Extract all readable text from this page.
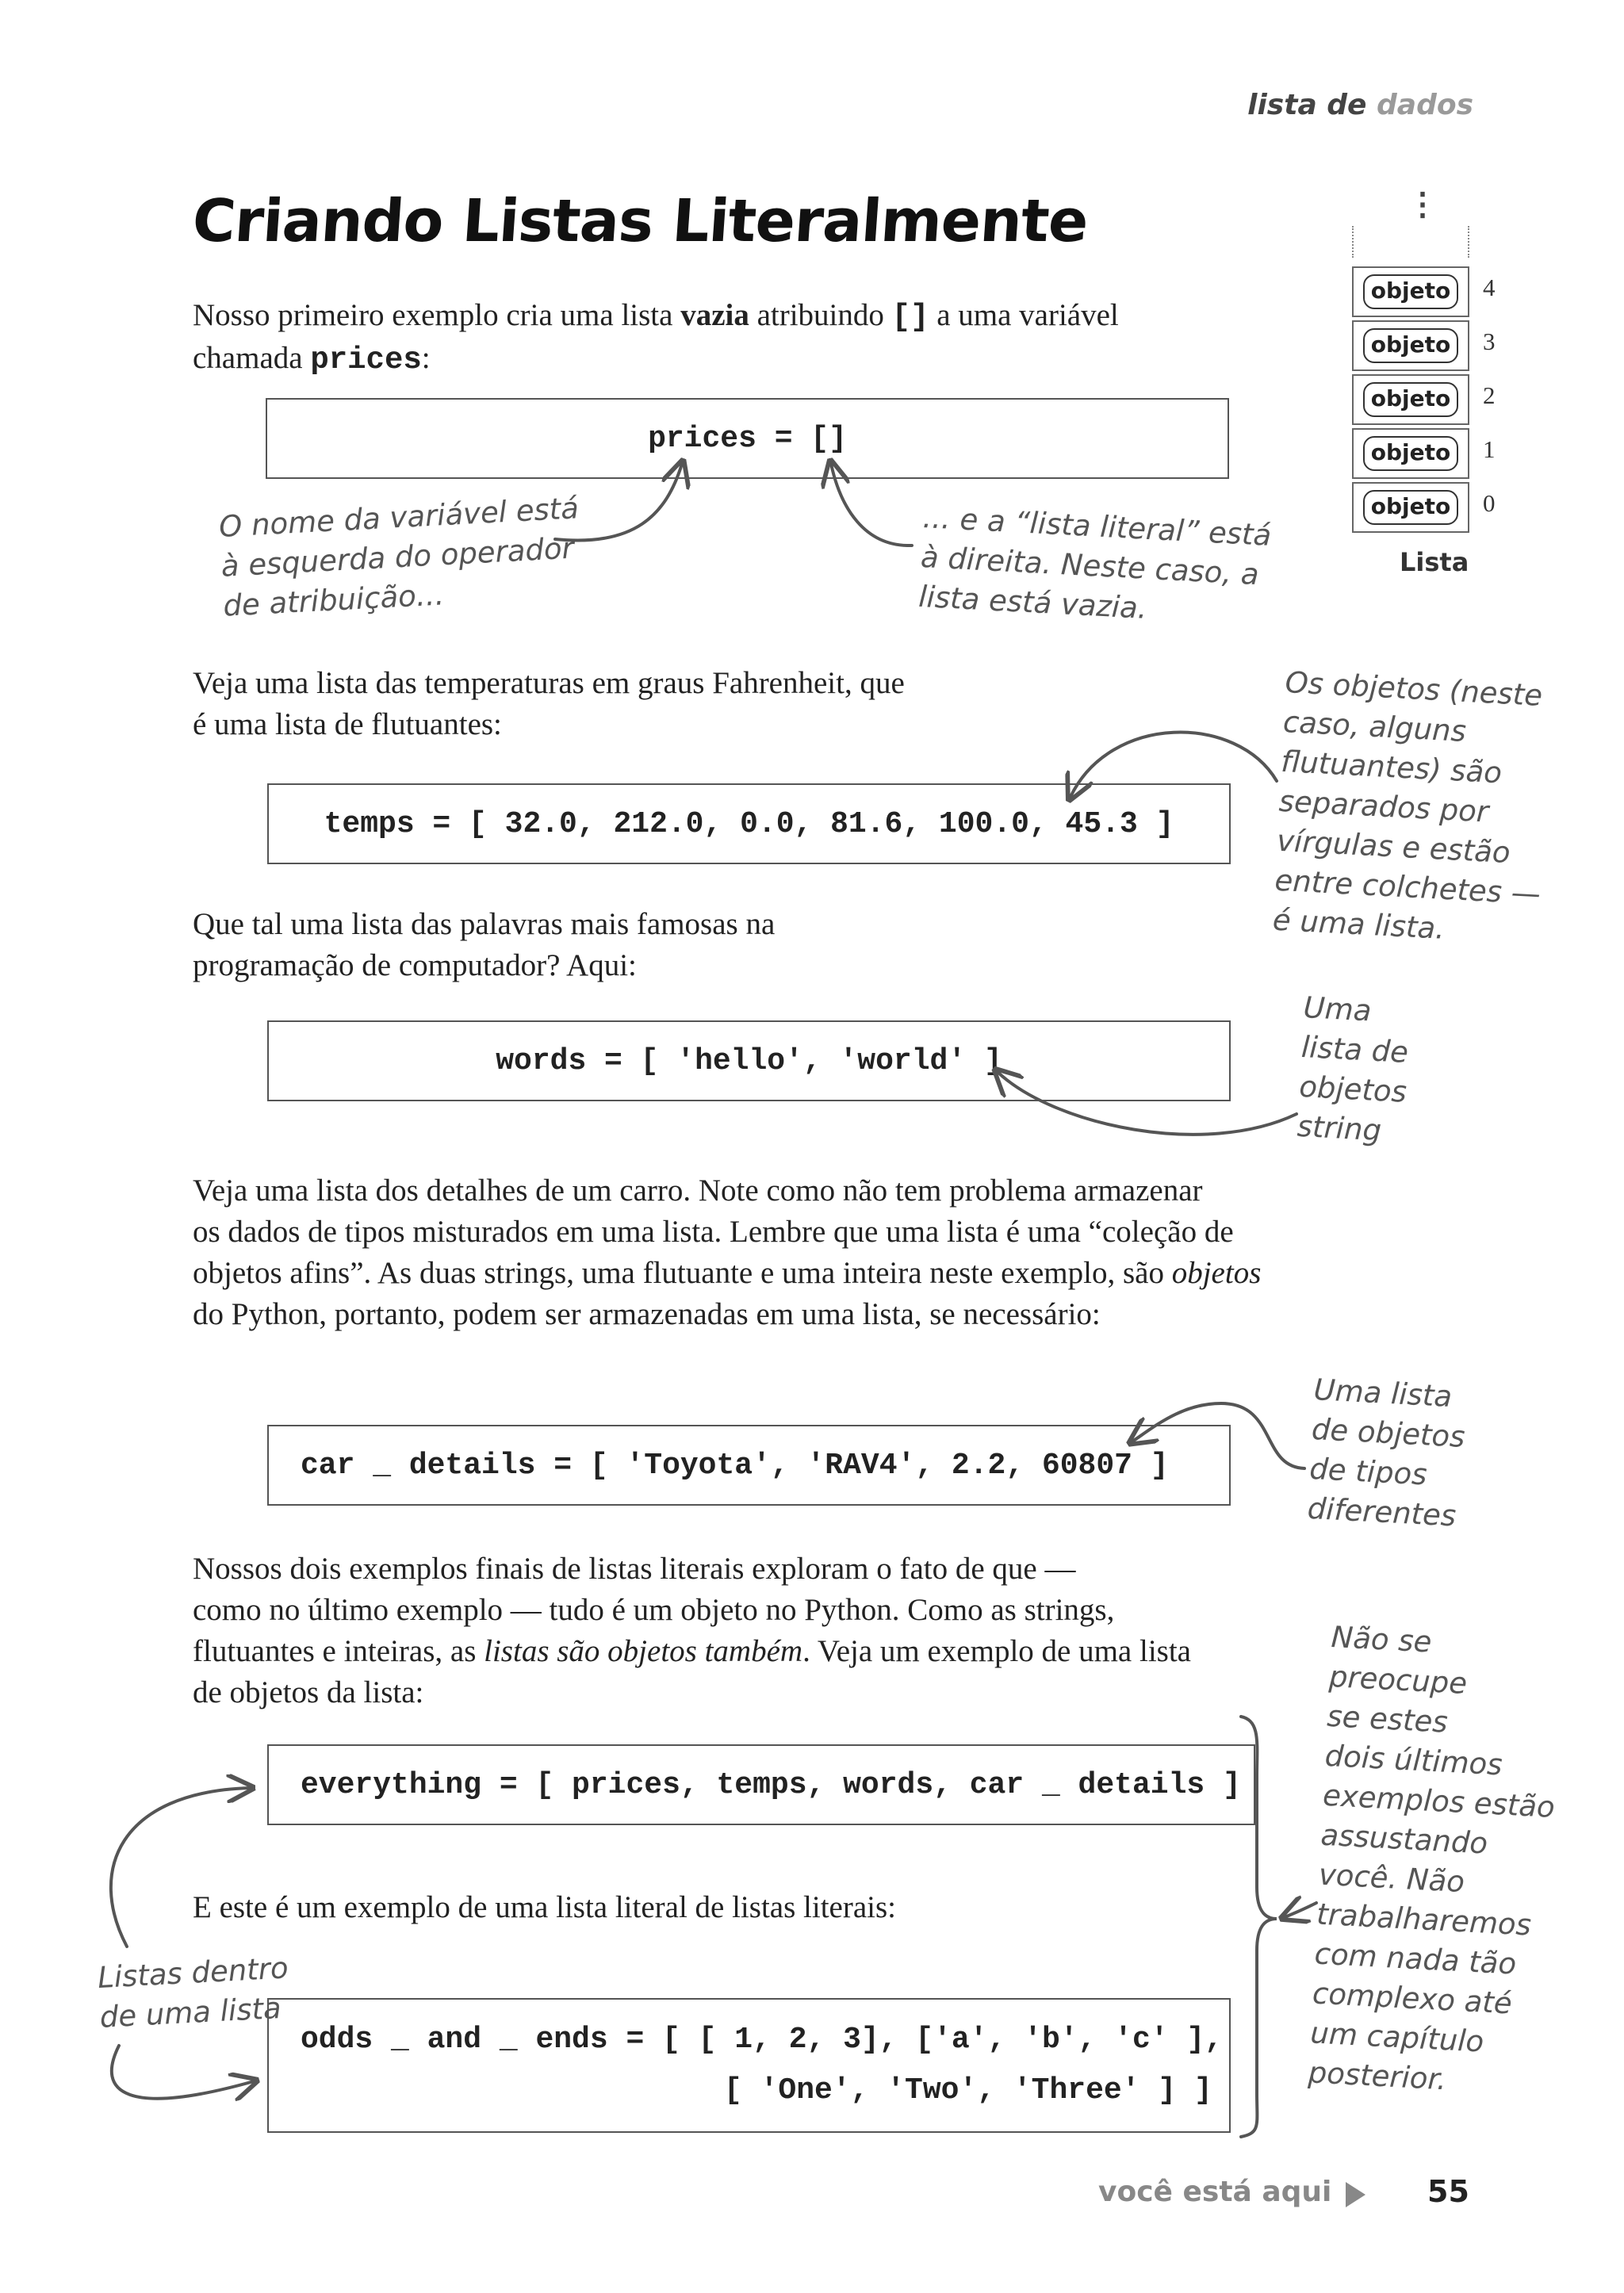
lista de dados
Criando Listas Literalmente
Nosso primeiro exemplo cria uma lista vazia atribuindo [] a uma variável
chamada prices:
prices = []
O nome da variável está
à esquerda do operador
de atribuição...
... e a “lista literal” está
à direita. Neste caso, a
lista está vazia.
⋮
objeto
objeto
objeto
objeto
objeto
4
3
2
1
0
Lista
Veja uma lista das temperaturas em graus Fahrenheit, que
é uma lista de flutuantes:
temps = [ 32.0, 212.0, 0.0, 81.6, 100.0, 45.3 ]
Os objetos (neste
caso, alguns
flutuantes) são
separados por
vírgulas e estão
entre colchetes —
é uma lista.
Que tal uma lista das palavras mais famosas na
programação de computador? Aqui:
words = [ 'hello', 'world' ]
Uma
lista de
objetos
string
Veja uma lista dos detalhes de um carro. Note como não tem problema armazenar
os dados de tipos misturados em uma lista. Lembre que uma lista é uma “coleção de
objetos afins”. As duas strings, uma flutuante e uma inteira neste exemplo, são objetos
do Python, portanto, podem ser armazenadas em uma lista, se necessário:
car _ details = [ 'Toyota', 'RAV4', 2.2, 60807 ]
Uma lista
de objetos
de tipos
diferentes
Nossos dois exemplos finais de listas literais exploram o fato de que —
como no último exemplo — tudo é um objeto no Python. Como as strings,
flutuantes e inteiras, as listas são objetos também. Veja um exemplo de uma lista
de objetos da lista:
everything = [ prices, temps, words, car _ details ]
E este é um exemplo de uma lista literal de listas literais:
odds _ and _ ends = [ [ 1, 2, 3], ['a', 'b', 'c' ],
[ 'One', 'Two', 'Three' ] ]
Não se
preocupe
se estes
dois últimos
exemplos estão
assustando
você. Não
trabalharemos
com nada tão
complexo até
um capítulo
posterior.
Listas dentro
de uma lista
você está aqui	55
